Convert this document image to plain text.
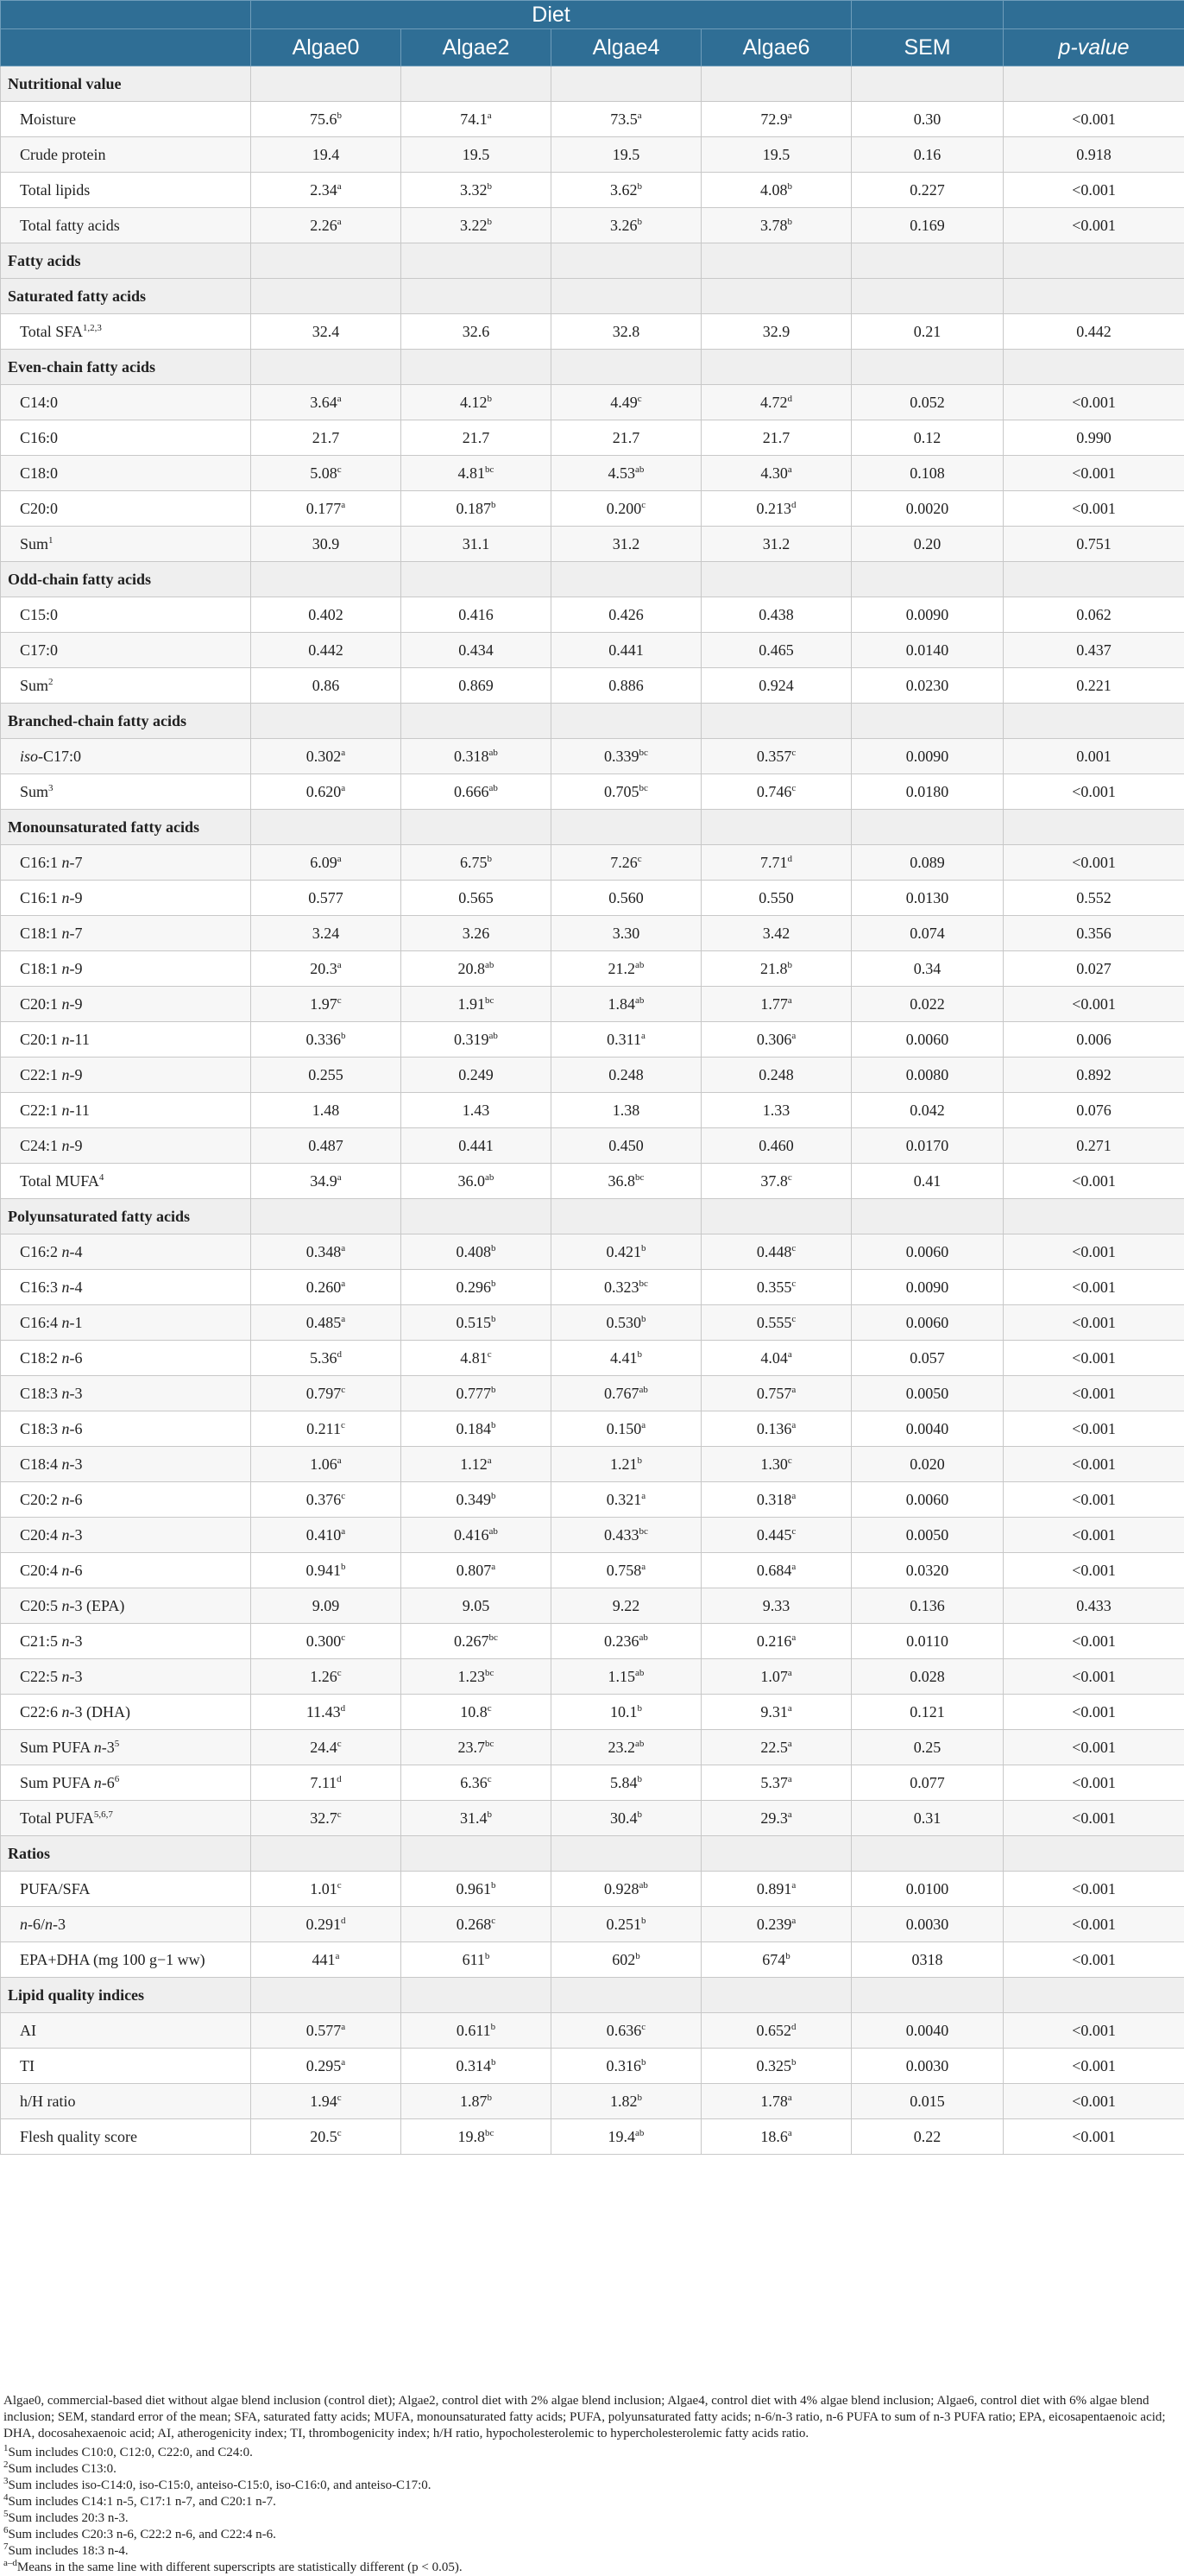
	Diet					
	Algae0	Algae2	Algae4	Algae6	SEM	p-value
Nutritional value						
Moisture	75.6$^b$	74.1$^a$	73.5$^a$	72.9$^a$	0.30	<0.001
Crude protein	19.4	19.5	19.5	19.5	0.16	0.918
Total lipids	2.34$^a$	3.32$^b$	3.62$^b$	4.08$^b$	0.227	<0.001
Total fatty acids	2.26$^a$	3.22$^b$	3.26$^b$	3.78$^b$	0.169	<0.001
Fatty acids						
Saturated fatty acids						
Total SFA$^{1,2,3}$	32.4	32.6	32.8	32.9	0.21	0.442
Even-chain fatty acids						
C14:0	3.64$^a$	4.12$^b$	4.49$^c$	4.72$^d$	0.052	<0.001
C16:0	21.7	21.7	21.7	21.7	0.12	0.990
C18:0	5.08$^c$	4.81$^{bc}$	4.53$^{ab}$	4.30$^a$	0.108	<0.001
C20:0	0.177$^a$	0.187$^b$	0.200$^c$	0.213$^d$	0.0020	<0.001
Sum$^1$	30.9	31.1	31.2	31.2	0.20	0.751
Odd-chain fatty acids						
C15:0	0.402	0.416	0.426	0.438	0.0090	0.062
C17:0	0.442	0.434	0.441	0.465	0.0140	0.437
Sum$^2$	0.86	0.869	0.886	0.924	0.0230	0.221
Branched-chain fatty acids						
iso-C17:0	0.302$^a$	0.318$^{ab}$	0.339$^{bc}$	0.357$^c$	0.0090	0.001
Sum$^3$	0.620$^a$	0.666$^{ab}$	0.705$^{bc}$	0.746$^c$	0.0180	<0.001
Monounsaturated fatty acids						
C16:1 n-7	6.09$^a$	6.75$^b$	7.26$^c$	7.71$^d$	0.089	<0.001
C16:1 n-9	0.577	0.565	0.560	0.550	0.0130	0.552
C18:1 n-7	3.24	3.26	3.30	3.42	0.074	0.356
C18:1 n-9	20.3$^a$	20.8$^{ab}$	21.2$^{ab}$	21.8$^b$	0.34	0.027
C20:1 n-9	1.97$^c$	1.91$^{bc}$	1.84$^{ab}$	1.77$^a$	0.022	<0.001
C20:1 n-11	0.336$^b$	0.319$^{ab}$	0.311$^a$	0.306$^a$	0.0060	0.006
C22:1 n-9	0.255	0.249	0.248	0.248	0.0080	0.892
C22:1 n-11	1.48	1.43	1.38	1.33	0.042	0.076
C24:1 n-9	0.487	0.441	0.450	0.460	0.0170	0.271
Total MUFA$^4$	34.9$^a$	36.0$^{ab}$	36.8$^{bc}$	37.8$^c$	0.41	<0.001
Polyunsaturated fatty acids						
C16:2 n-4	0.348$^a$	0.408$^b$	0.421$^b$	0.448$^c$	0.0060	<0.001
C16:3 n-4	0.260$^a$	0.296$^b$	0.323$^{bc}$	0.355$^c$	0.0090	<0.001
C16:4 n-1	0.485$^a$	0.515$^b$	0.530$^b$	0.555$^c$	0.0060	<0.001
C18:2 n-6	5.36$^d$	4.81$^c$	4.41$^b$	4.04$^a$	0.057	<0.001
C18:3 n-3	0.797$^c$	0.777$^b$	0.767$^{ab}$	0.757$^a$	0.0050	<0.001
C18:3 n-6	0.211$^c$	0.184$^b$	0.150$^a$	0.136$^a$	0.0040	<0.001
C18:4 n-3	1.06$^a$	1.12$^a$	1.21$^b$	1.30$^c$	0.020	<0.001
C20:2 n-6	0.376$^c$	0.349$^b$	0.321$^a$	0.318$^a$	0.0060	<0.001
C20:4 n-3	0.410$^a$	0.416$^{ab}$	0.433$^{bc}$	0.445$^c$	0.0050	<0.001
C20:4 n-6	0.941$^b$	0.807$^a$	0.758$^a$	0.684$^a$	0.0320	<0.001
C20:5 n-3 (EPA)	9.09	9.05	9.22	9.33	0.136	0.433
C21:5 n-3	0.300$^c$	0.267$^{bc}$	0.236$^{ab}$	0.216$^a$	0.0110	<0.001
C22:5 n-3	1.26$^c$	1.23$^{bc}$	1.15$^{ab}$	1.07$^a$	0.028	<0.001
C22:6 n-3 (DHA)	11.43$^d$	10.8$^c$	10.1$^b$	9.31$^a$	0.121	<0.001
Sum PUFA $n-3^5$	24.4$^c$	23.7$^{bc}$	23.2$^{ab}$	22.5$^a$	0.25	<0.001
Sum PUFA $n-6^6$	7.11$^d$	6.36$^c$	5.84$^b$	5.37$^a$	0.077	<0.001
Total PUFA$^{5,6,7}$	32.7$^c$	31.4$^b$	30.4$^b$	29.3$^a$	0.31	<0.001
Ratios						
PUFA/SFA	1.01$^c$	0.961$^b$	0.928$^{ab}$	0.891$^a$	0.0100	<0.001
n-6/n-3	0.291$^d$	0.268$^c$	0.251$^b$	0.239$^a$	0.0030	<0.001
EPA+DHA (mg 100 g−1 ww)	441$^a$	611$^b$	602$^b$	674$^b$	0318	<0.001
Lipid quality indices						
AI	0.577$^a$	0.611$^b$	0.636$^c$	0.652$^d$	0.0040	<0.001
TI	0.295$^a$	0.314$^b$	0.316$^b$	0.325$^b$	0.0030	<0.001
h/H ratio	1.94$^c$	1.87$^b$	1.82$^b$	1.78$^a$	0.015	<0.001
Flesh quality score	20.5$^c$	19.8$^{bc}$	19.4$^{ab}$	18.6$^a$	0.22	<0.001

Algae0, commercial-based diet without algae blend inclusion (control diet); Algae2, control diet with 2% algae blend inclusion; Algae4, control diet with 4% algae blend inclusion; Algae6, control diet with 6% algae blend inclusion; SEM, standard error of the mean; SFA, saturated fatty acids; MUFA, monounsaturated fatty acids; PUFA, polyunsaturated fatty acids; n-6/n-3 ratio, n-6 PUFA to sum of n-3 PUFA ratio; EPA, eicosapentaenoic acid; DHA, docosahexaenoic acid; AI, atherogenicity index; TI, thrombogenicity index; h/H ratio, hypocholesterolemic to hypercholesterolemic fatty acids ratio.

$^1$Sum includes C10:0, C12:0, C22:0, and C24:0.

$^2$Sum includes C13:0.

$^3$Sum includes iso-C14:0, iso-C15:0, anteiso-C15:0, iso-C16:0, and anteiso-C17:0.

$^4$Sum includes C14:1 n-5, C17:1 n-7, and C20:1 n-7.

$^5$Sum includes 20:3 n-3.

$^6$Sum includes C20:3 n-6, C22:2 n-6, and C22:4 n-6.

$^7$Sum includes 18:3 n-4.

$^{a-d}$Means in the same line with different superscripts are statistically different (p < 0.05).
